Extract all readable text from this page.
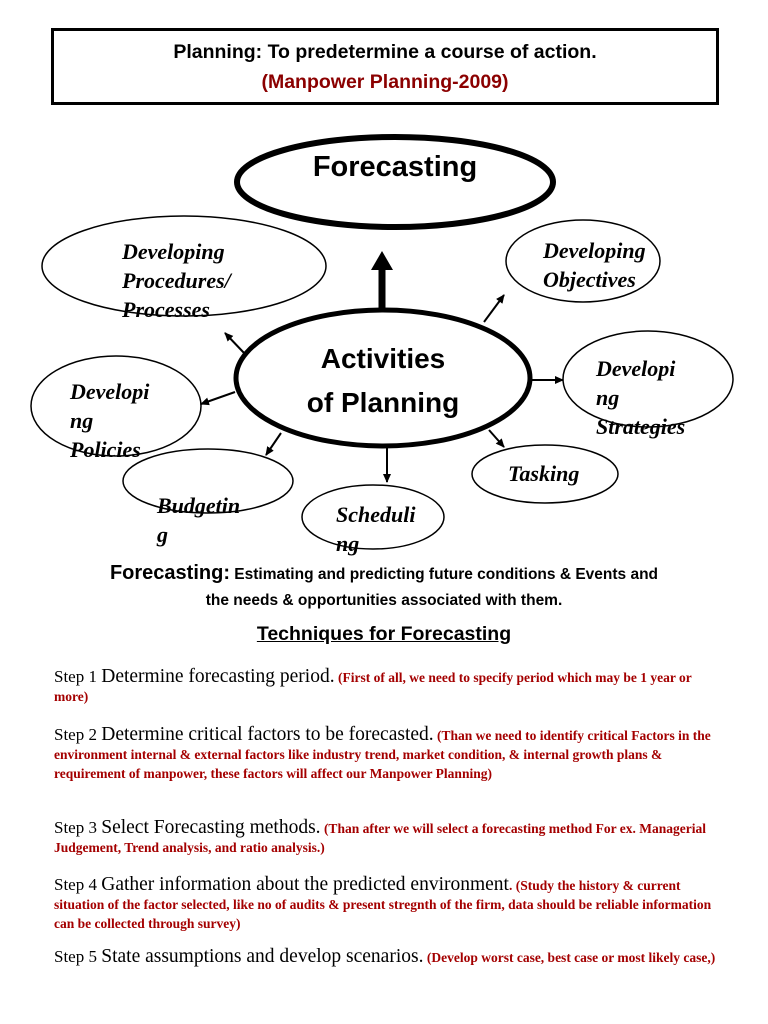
Planning: To predetermine a course of action.
(Manpower Planning-2009)
Forecasting
Activities
of Planning
Developing
Procedures/
Processes
Developing
Objectives
Developi
ng
Strategies
Developi
ng
Policies
Tasking
Budgetin
g
Scheduli
ng
Forecasting: Estimating and predicting future conditions & Events and
the needs & opportunities associated with them.
Techniques for Forecasting
Step 1 Determine forecasting period. (First of all, we need to specify period which may be 1 year or more)
Step 2 Determine critical factors to be forecasted. (Than we need to identify critical Factors in the environment internal & external factors like industry trend, market condition, & internal growth plans & requirement of manpower, these factors will affect our Manpower Planning)
Step 3 Select Forecasting methods. (Than after we will select a forecasting method For ex. Managerial Judgement, Trend analysis, and ratio analysis.)
Step 4 Gather information about the predicted environment. (Study the history & current situation of the factor selected, like no of audits & present stregnth of the firm, data should be reliable information can be collected through survey)
Step 5 State assumptions and develop scenarios. (Develop worst case, best case or most likely case,)
